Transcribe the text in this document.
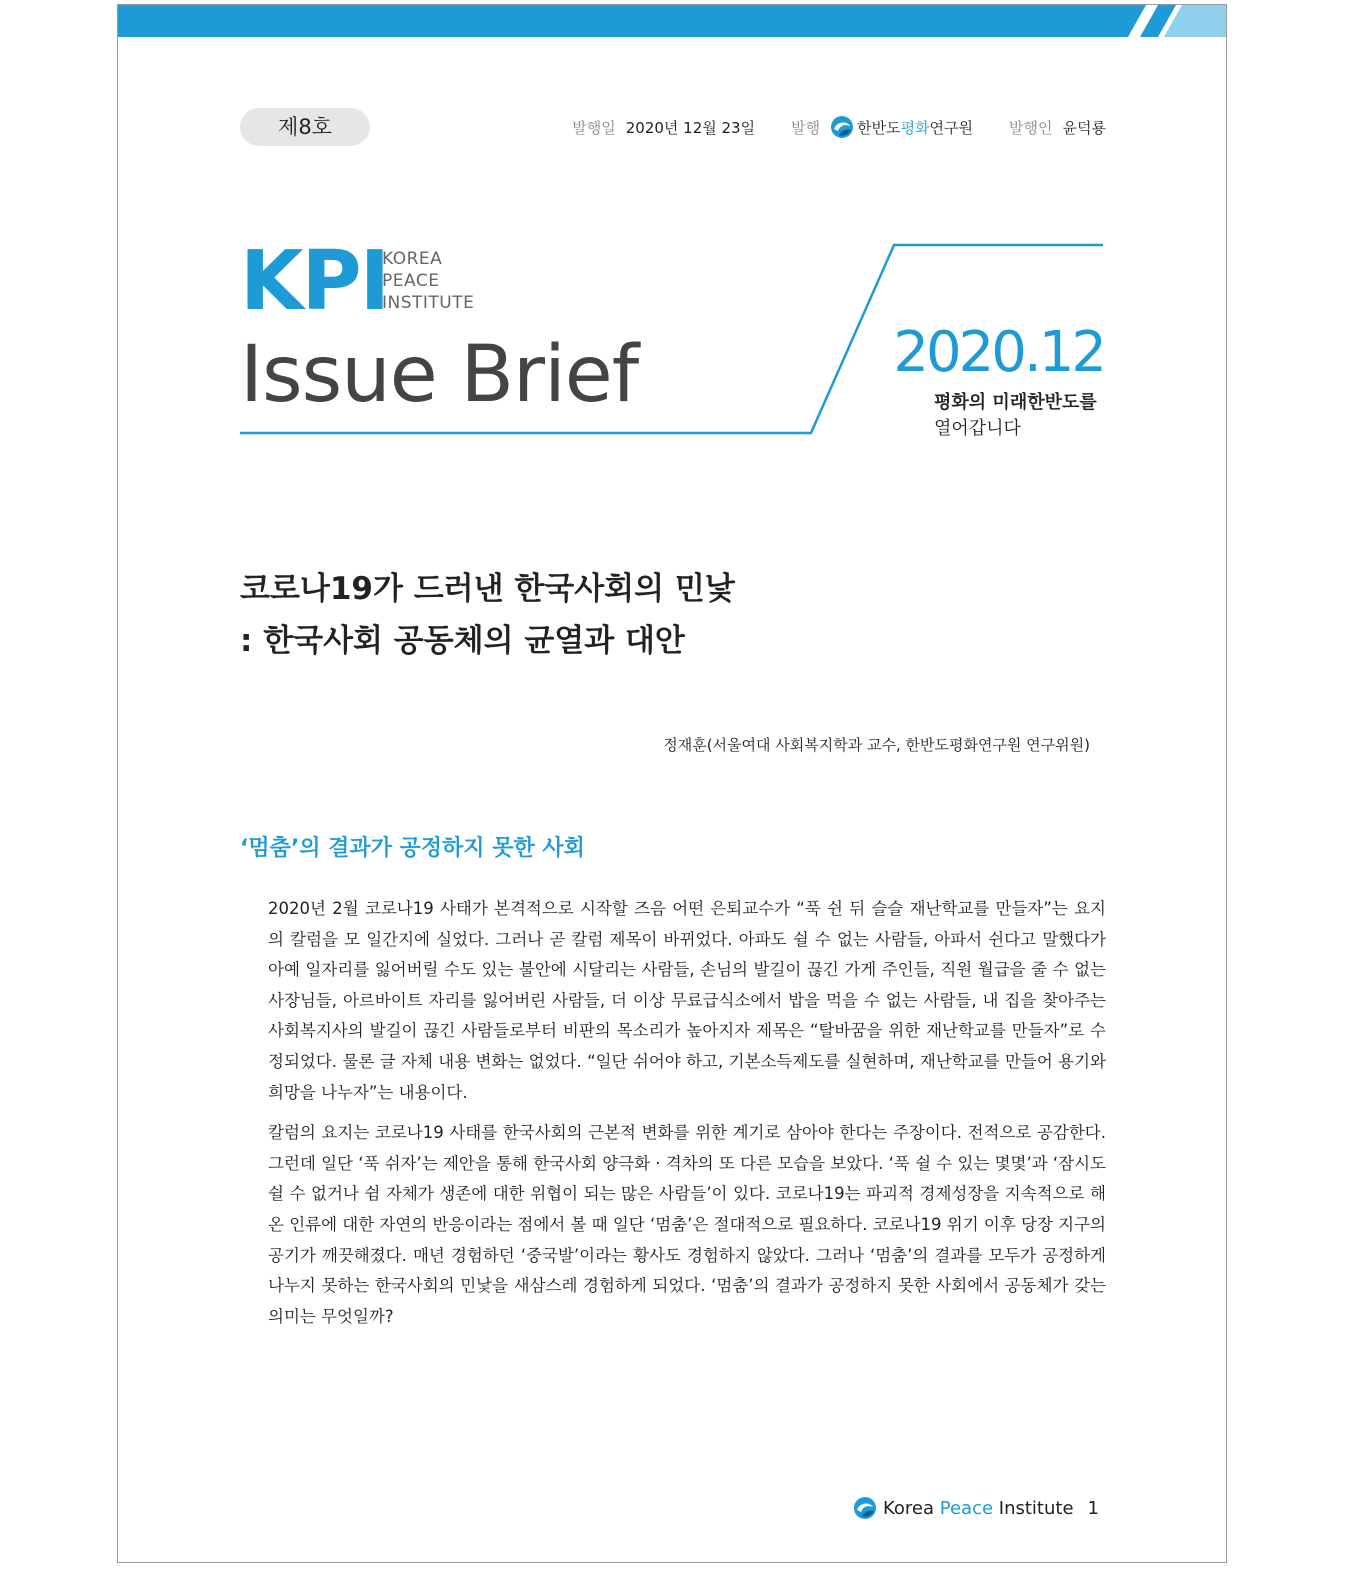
제8호	발행일 2020년 12월 23일 발행 한반도평화연구원 발행인 윤덕룡
KPI
KOREA
PEACE
INSTITUTE
Issue Brief	2020.12
평화의 미래한반도를
열어갑니다
코로나19가 드러낸 한국사회의 민낯
: 한국사회 공동체의 균열과 대안
정재훈(서울여대 사회복지학과 교수, 한반도평화연구원 연구위원)
‘멈춤’의 결과가 공정하지 못한 사회

2020년 2월 코로나19 사태가 본격적으로 시작할 즈음 어떤 은퇴교수가 “푹 쉰 뒤 슬슬 재난학교를 만들자”는 요지의 칼럼을 모 일간지에 실었다. 그러나 곧 칼럼 제목이 바뀌었다. 아파도 쉴 수 없는 사람들, 아파서 쉰다고 말했다가 아예 일자리를 잃어버릴 수도 있는 불안에 시달리는 사람들, 손님의 발길이 끊긴 가게 주인들, 직원 월급을 줄 수 없는 사장님들, 아르바이트 자리를 잃어버린 사람들, 더 이상 무료급식소에서 밥을 먹을 수 없는 사람들, 내 집을 찾아주는 사회복지사의 발길이 끊긴 사람들로부터 비판의 목소리가 높아지자 제목은 “탈바꿈을 위한 재난학교를 만들자”로 수정되었다. 물론 글 자체 내용 변화는 없었다. “일단 쉬어야 하고, 기본소득제도를 실현하며, 재난학교를 만들어 용기와 희망을 나누자”는 내용이다.

칼럼의 요지는 코로나19 사태를 한국사회의 근본적 변화를 위한 계기로 삼아야 한다는 주장이다. 전적으로 공감한다. 그런데 일단 ‘푹 쉬자’는 제안을 통해 한국사회 양극화 · 격차의 또 다른 모습을 보았다. ‘푹 쉴 수 있는 몇몇’과 ‘잠시도 쉴 수 없거나 쉼 자체가 생존에 대한 위협이 되는 많은 사람들’이 있다. 코로나19는 파괴적 경제성장을 지속적으로 해온 인류에 대한 자연의 반응이라는 점에서 볼 때 일단 ‘멈춤’은 절대적으로 필요하다. 코로나19 위기 이후 당장 지구의 공기가 깨끗해졌다. 매년 경험하던 ‘중국발’이라는 황사도 경험하지 않았다. 그러나 ‘멈춤’의 결과를 모두가 공정하게 나누지 못하는 한국사회의 민낯을 새삼스레 경험하게 되었다. ‘멈춤’의 결과가 공정하지 못한 사회에서 공동체가 갖는 의미는 무엇일까?

Korea Peace Institute 1
